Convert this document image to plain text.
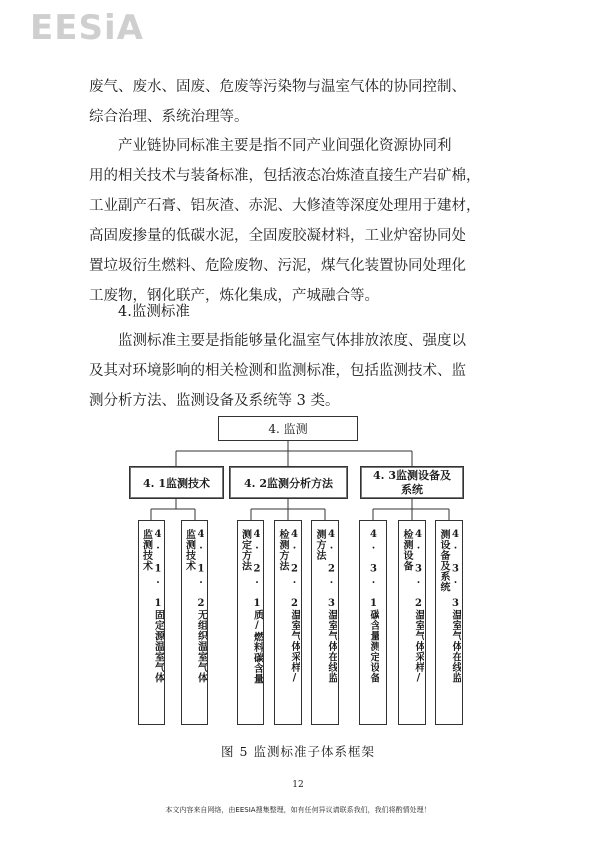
EESiA
废气、废水、固废、危废等污染物与温室气体的协同控制、
综合治理、系统治理等。
产业链协同标准主要是指不同产业间强化资源协同利
用的相关技术与装备标准，包括液态冶炼渣直接生产岩矿棉，
工业副产石膏、铝灰渣、赤泥、大修渣等深度处理用于建材，
高固废掺量的低碳水泥，全固废胶凝材料，工业炉窑协同处
置垃圾衍生燃料、危险废物、污泥，煤气化装置协同处理化
工废物，钢化联产，炼化集成，产城融合等。
4.监测标准
监测标准主要是指能够量化温室气体排放浓度、强度以
及其对环境影响的相关检测和监测标准，包括监测技术、监
测分析方法、监测设备及系统等 3 类。
4. 监测
4. 1监测技术	4. 2监测分析方法
4. 3监测设备及系统
4. 1. 1固定源温室气体监测技术	4. 1. 2无组织温室气体监测技术	4. 2. 1质/燃料碳含量测定方法	4. 2. 2温室气体采样/检测方法	4. 2. 3温室气体在线监测方法	4. 3. 1碳含量测定设备	4. 3. 2温室气体采样/检测设备	4. 3. 3温室气体在线监测设备及系统
图 5 监测标准子体系框架
12
本文内容来自网络，由EESIA搜集整理，如有任何异议请联系我们，我们将酌情处理！
